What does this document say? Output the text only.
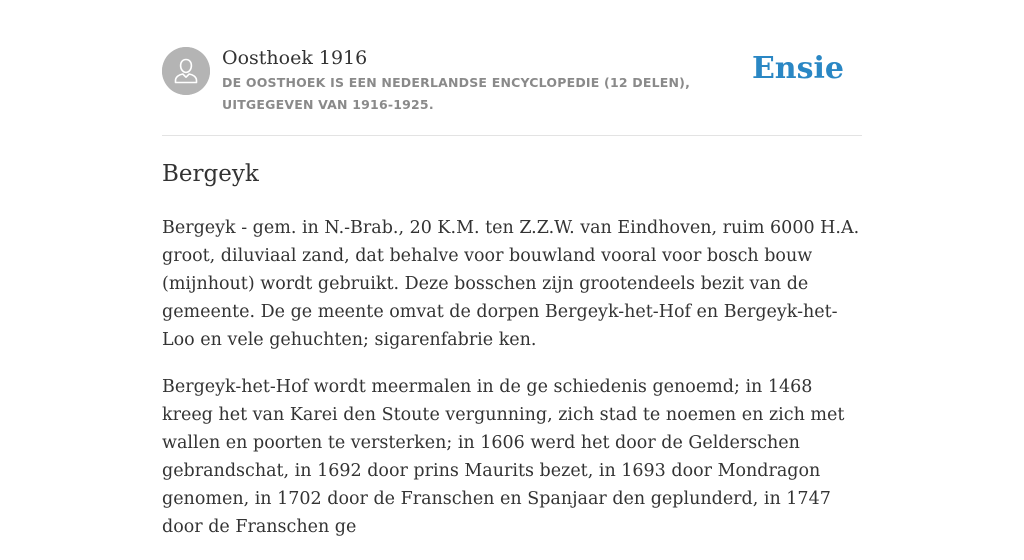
Oosthoek 1916

DE OOSTHOEK IS EEN NEDERLANDSE ENCYCLOPEDIE (12 DELEN), UITGEGEVEN VAN 1916-1925.

Ensie
Bergeyk

Bergeyk - gem. in N.-Brab., 20 K.M. ten Z.Z.W. van Eindhoven, ruim 6000 H.A. groot, diluviaal zand, dat behalve voor bouwland vooral voor bosch bouw (mijnhout) wordt gebruikt. Deze bosschen zijn grootendeels bezit van de gemeente. De ge meente omvat de dorpen Bergeyk-het-Hof en Bergeyk-het-Loo en vele gehuchten; sigarenfabrie ken.

Bergeyk-het-Hof wordt meermalen in de ge schiedenis genoemd; in 1468 kreeg het van Karei den Stoute vergunning, zich stad te noemen en zich met wallen en poorten te versterken; in 1606 werd het door de Gelderschen gebrandschat, in 1692 door prins Maurits bezet, in 1693 door Mondragon genomen, in 1702 door de Franschen en Spanjaar den geplunderd, in 1747 door de Franschen ge
